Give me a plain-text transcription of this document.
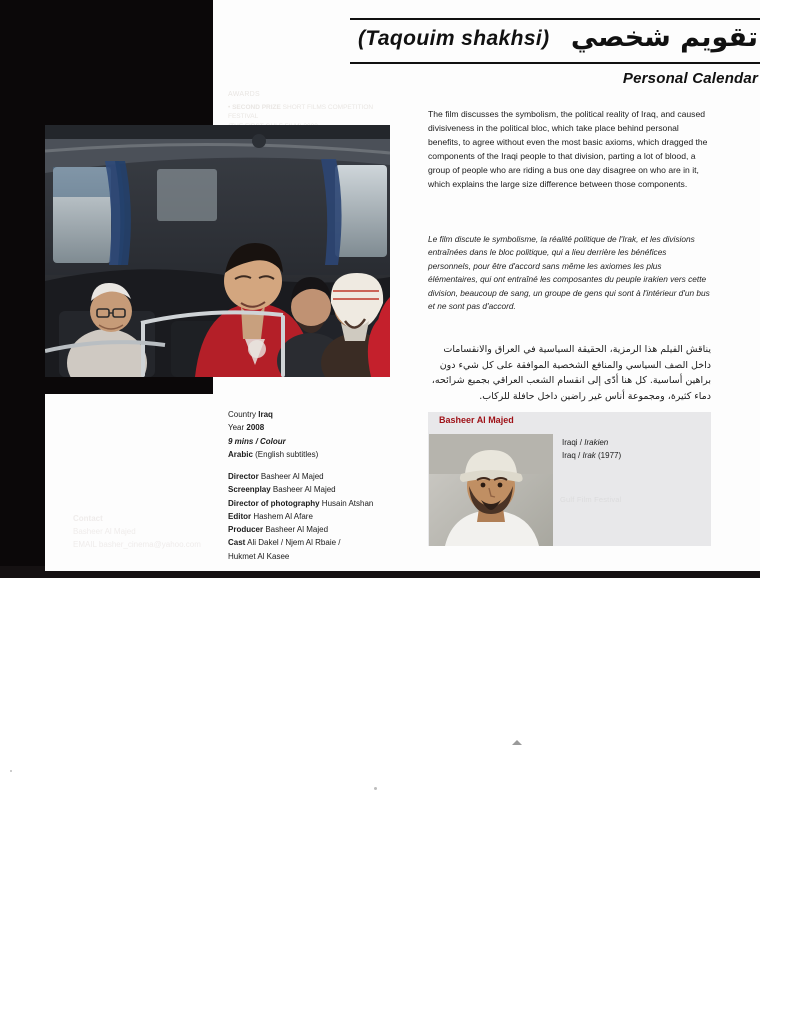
(Taqouim shakhsi) تقويم شخصي
Personal Calendar
AWARDS
• SECOND PRIZE SHORT FILMS COMPETITION FESTIVAL	The film discusses the symbolism, the political reality of Iraq, and caused divisiveness in the political bloc, which take place behind personal benefits, to agree without even the most basic axioms, which dragged the components of the Iraqi people to that division, parting a lot of blood, a group of people who are riding a bus one day disagree on who are in it, which explains the large size difference between those components.
Le film discute le symbolisme, la réalité politique de l'Irak, et les divisions entraînées dans le bloc politique, qui a lieu derrière les bénéfices personnels, pour être d'accord sans même les axiomes les plus élémentaires, qui ont entraîné les composantes du peuple irakien vers cette division, beaucoup de sang, un groupe de gens qui sont à l'intérieur d'un bus et ne sont pas d'accord.
يناقش الفيلم هذا الرمزية، الحقيقة السياسية في العراق والانقسامات داخل الصف السياسي والمنافع الشخصية الموافقة على كل شيء دون براهين أساسية. كل هنا أدّى إلى انقسام الشعب العراقي بجميع شرائحه، دماء كثيرة، ومجموعة أناس غير راضين داخل حافلة للركاب.
Country Iraq
Year 2008
9 mins / Colour
Arabic (English subtitles)
Director Basheer Al Majed
Screenplay Basheer Al Majed
Director of photography Husain Atshan
Editor Hashem Al Afare
Producer Basheer Al Majed
Cast Ali Dakel / Njem Al Rbaie /
Hukmet Al Kasee
Contact
Basheer Al Majed
EMAIL basher_cinema@yahoo.com
Basheer Al Majed
Iraqi / Irakien
Iraq / Irak (1977)
Gulf Film Festival
